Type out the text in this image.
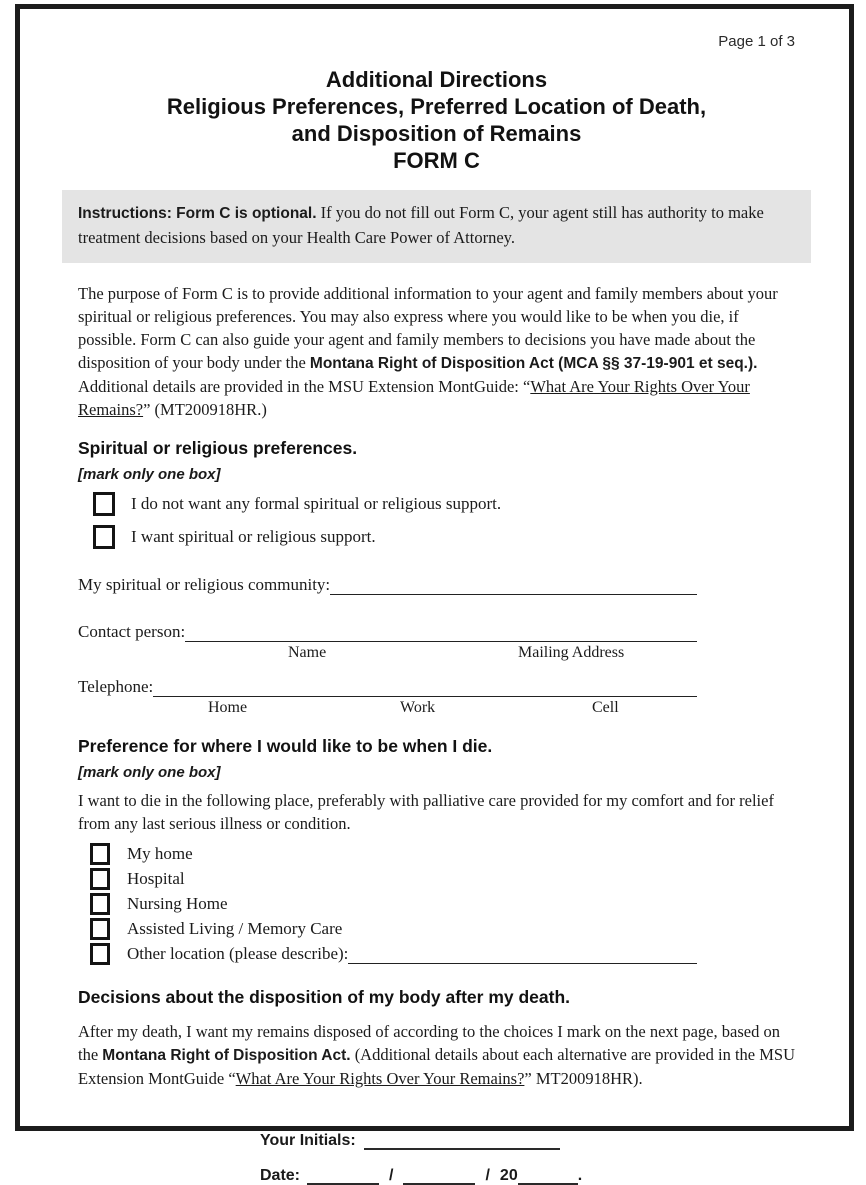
Page 1 of 3
Additional Directions
Religious Preferences, Preferred Location of Death,
and Disposition of Remains
FORM C
Instructions: Form C is optional. If you do not fill out Form C, your agent still has authority to make treatment decisions based on your Health Care Power of Attorney.

The purpose of Form C is to provide additional information to your agent and family members about your spiritual or religious preferences. You may also express where you would like to be when you die, if possible. Form C can also guide your agent and family members to decisions you have made about the disposition of your body under the Montana Right of Disposition Act (MCA §§ 37-19-901 et seq.). Additional details are provided in the MSU Extension MontGuide: “What Are Your Rights Over Your Remains?” (MT200918HR.)

Spiritual or religious preferences.
[mark only one box]
I do not want any formal spiritual or religious support.
I want spiritual or religious support.
My spiritual or religious community:
Contact person:
Name	Mailing Address
Telephone:
Home	Work	Cell
Preference for where I would like to be when I die.
[mark only one box]

I want to die in the following place, preferably with palliative care provided for my comfort and for relief from any last serious illness or condition.

My home
Hospital
Nursing Home
Assisted Living / Memory Care
Other location (please describe):
Decisions about the disposition of my body after my death.

After my death, I want my remains disposed of according to the choices I mark on the next page, based on the Montana Right of Disposition Act. (Additional details about each alternative are provided in the MSU Extension MontGuide “What Are Your Rights Over Your Remains?” MT200918HR).

Your Initials:
Date:	/	/ 20	.
